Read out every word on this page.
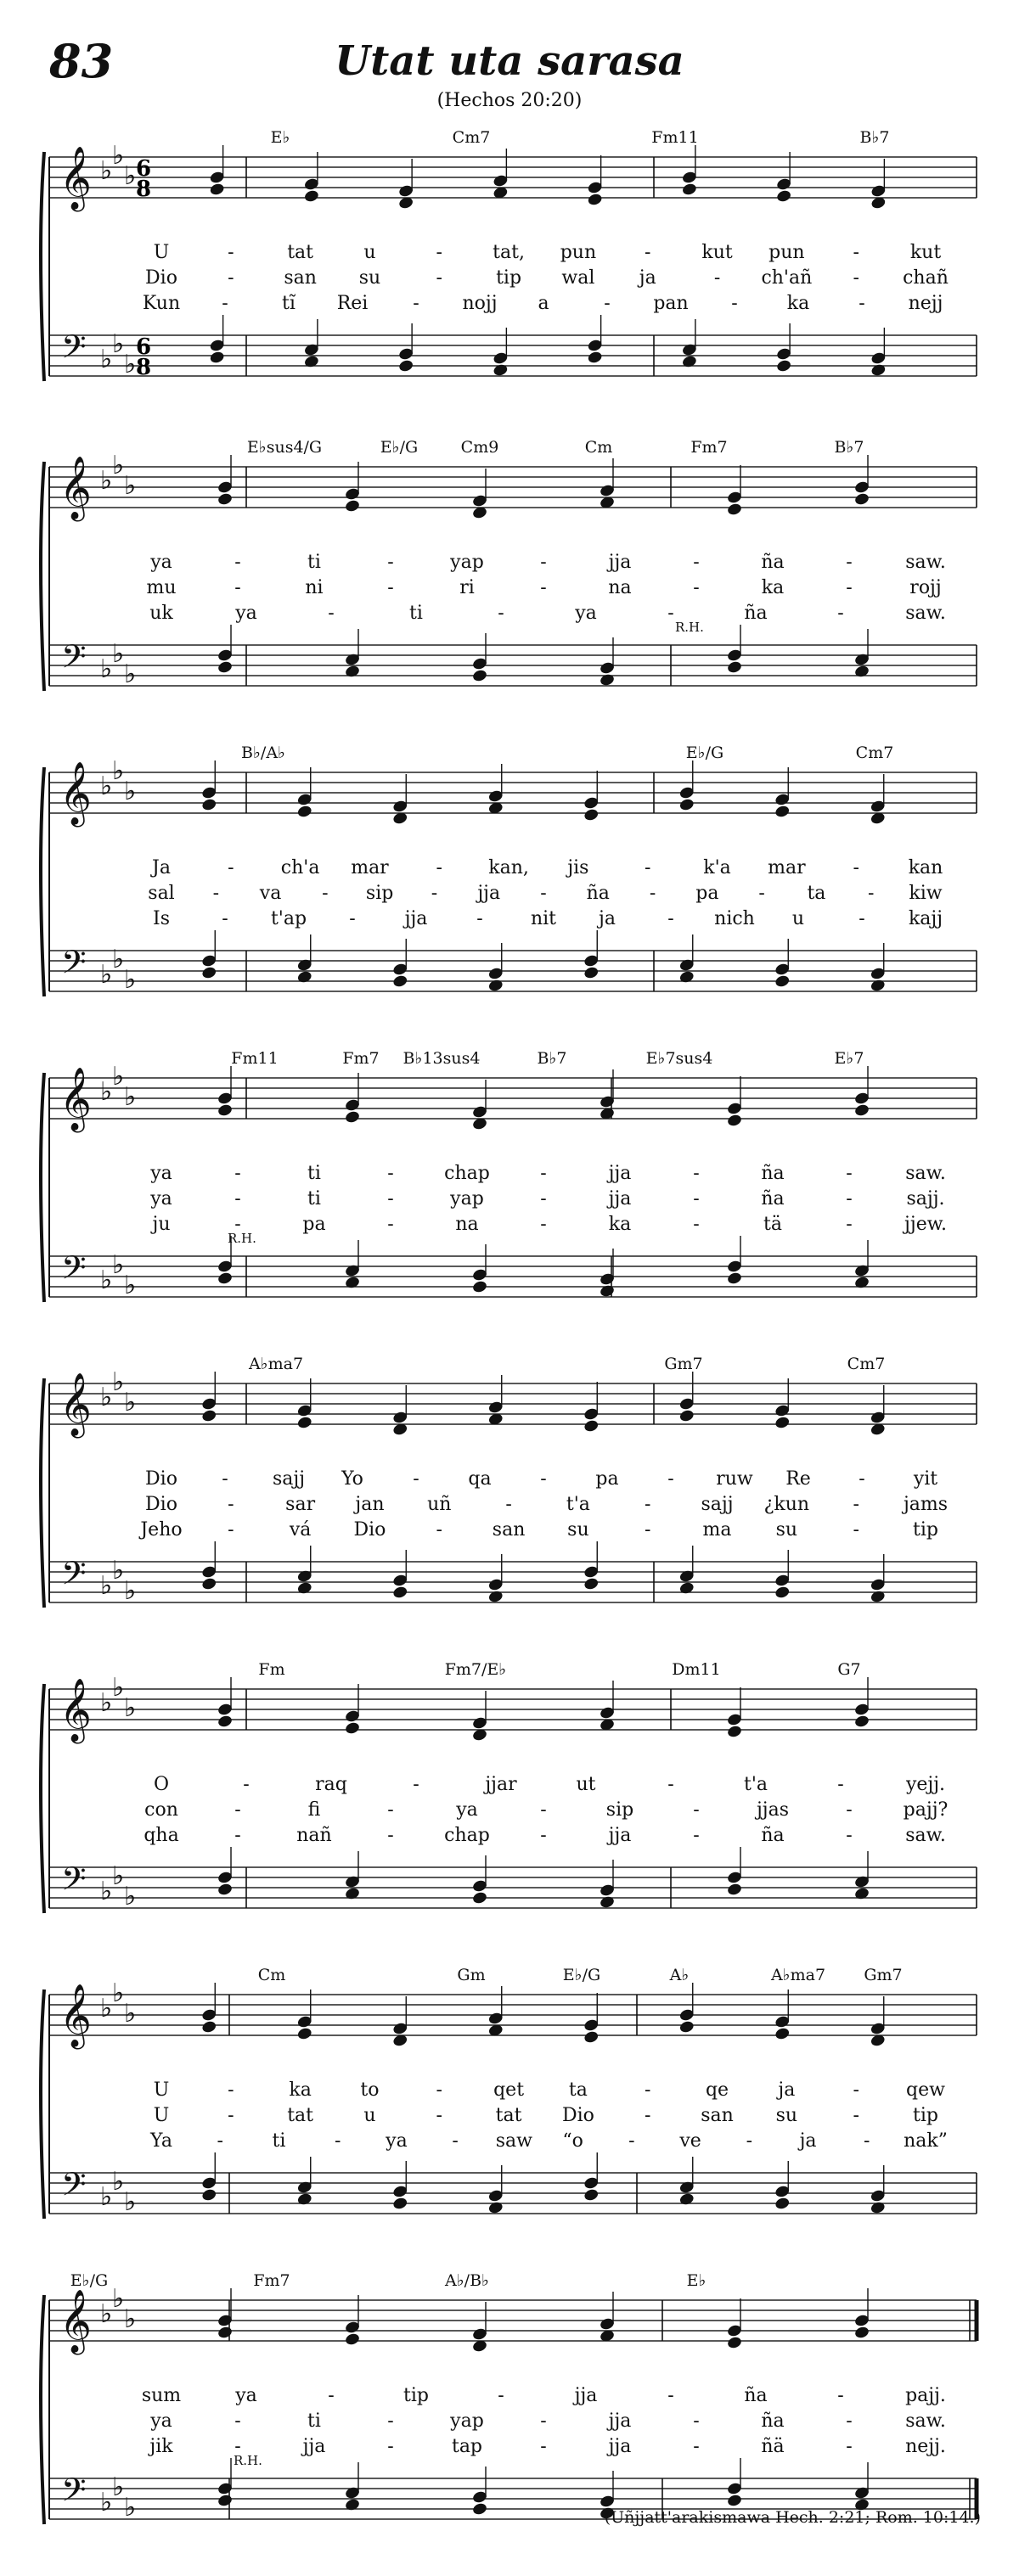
83	Utat uta sarasa
(Hechos 20:20)
𝄞 ♭
♭
♭
𝄢 ♭
♭
♭
6
8
6
8
E♭	Cm7	Fm11	B♭7
U	-	tat	u	-	tat, pun	-	kut pun	-	kut
Dio	-	san su	-	tip wal ja	- ch'añ - chañ
Kun -	tĩ Rei - nojj a	- pan -	ka	- nejj
𝄞 ♭
♭
♭
𝄢 ♭
♭
♭
E♭sus4/G	E♭/G	Cm9	Cm	Fm7	B♭7
R.H.
ya	-	ti	-	yap	-	jja	-	ña	-	saw.
mu	-	ni	-	ri	-	na	-	ka	-	rojj
uk	ya	-	ti	-	ya	-	ña	-	saw.
𝄞 ♭
♭
♭
𝄢 ♭
♭
♭
B♭/A♭	E♭/G	Cm7
Ja	-	ch'a mar	- kan, jis	-	k'a mar	-	kan
sal - va - sip - jja - ña - pa - ta - kiw
Is	- t'ap -	jja	-	nit ja	- nich u	- kajj
𝄞 ♭
♭
♭
𝄢 ♭
♭
♭
Fm11	Fm7 B♭13sus4	B♭7	E♭7sus4	E♭7
R.H.
ya	-	ti	-	chap	-	jja	-	ña	-	saw.
ya	-	ti	-	yap	-	jja	-	ña	-	sajj.
ju	-	pa	-	na	-	ka	-	tä	-	jjew.
𝄞 ♭
♭
♭
𝄢 ♭
♭
♭
A♭ma7	Gm7	Cm7
Dio - sajj Yo	-	qa	-	pa	- ruw Re	-	yit
Dio	-	sar jan uñ	-	t'a	-	sajj ¿kun - jams
Jeho -	vá Dio	-	san su	-	ma su	-	tip
𝄞 ♭
♭
♭
𝄢 ♭
♭
♭
Fm	Fm7/E♭	Dm11	G7
O	-	raq	-	jjar	ut	-	t'a	-	yejj.
con	-	fi	-	ya	-	sip	-	jjas	-	pajj?
qha	-	nañ	-	chap	-	jja	-	ña	-	saw.
𝄞 ♭
♭
♭
𝄢 ♭
♭
♭
Cm	Gm	E♭/G	A♭	A♭ma7 Gm7
U	-	ka	to	-	qet ta	-	qe	ja	-	qew
U	-	tat	u	-	tat Dio	-	san su	-	tip
Ya -	ti	- ya - saw “o - ve -	ja	- nak”
𝄞 ♭
♭
♭
𝄢 ♭
♭
♭
E♭/G	Fm7	A♭/B♭	E♭
R.H.
sum	ya	-	tip	-	jja	-	ña	-	pajj.
ya	-	ti	-	yap	-	jja	-	ña	-	saw.
jik	-	jja	-	tap	-	jja	-	ñä	-	nejj.
(Uñjjatt'arakismawa Hech. 2:21; Rom. 10:14.)
